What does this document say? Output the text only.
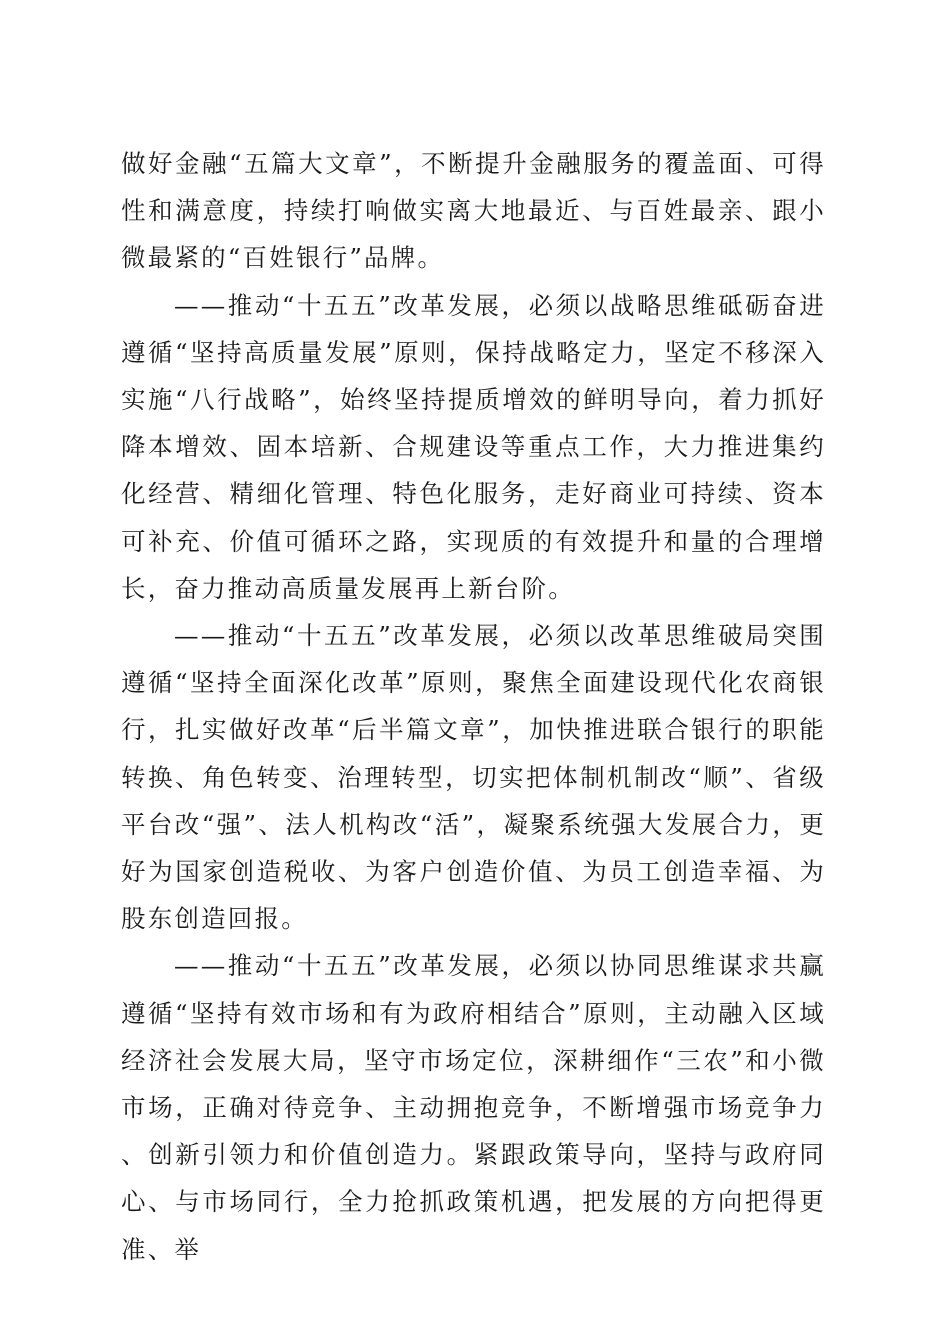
做好金融“五篇大文章”，不断提升金融服务的覆盖面、可得性和满意度，持续打响做实离大地最近、与百姓最亲、跟小微最紧的“百姓银行”品牌。

——推动“十五五”改革发展，必须以战略思维砥砺奋进遵循“坚持高质量发展”原则，保持战略定力，坚定不移深入实施“八行战略”，始终坚持提质增效的鲜明导向，着力抓好降本增效、固本培新、合规建设等重点工作，大力推进集约化经营、精细化管理、特色化服务，走好商业可持续、资本可补充、价值可循环之路，实现质的有效提升和量的合理增长，奋力推动高质量发展再上新台阶。

——推动“十五五”改革发展，必须以改革思维破局突围遵循“坚持全面深化改革”原则，聚焦全面建设现代化农商银行，扎实做好改革“后半篇文章”，加快推进联合银行的职能转换、角色转变、治理转型，切实把体制机制改“顺”、省级平台改“强”、法人机构改“活”，凝聚系统强大发展合力，更好为国家创造税收、为客户创造价值、为员工创造幸福、为股东创造回报。

——推动“十五五”改革发展，必须以协同思维谋求共赢遵循“坚持有效市场和有为政府相结合”原则，主动融入区域经济社会发展大局，坚守市场定位，深耕细作“三农”和小微市场，正确对待竞争、主动拥抱竞争，不断增强市场竞争力、创新引领力和价值创造力。紧跟政策导向，坚持与政府同心、与市场同行，全力抢抓政策机遇，把发展的方向把得更准、举
